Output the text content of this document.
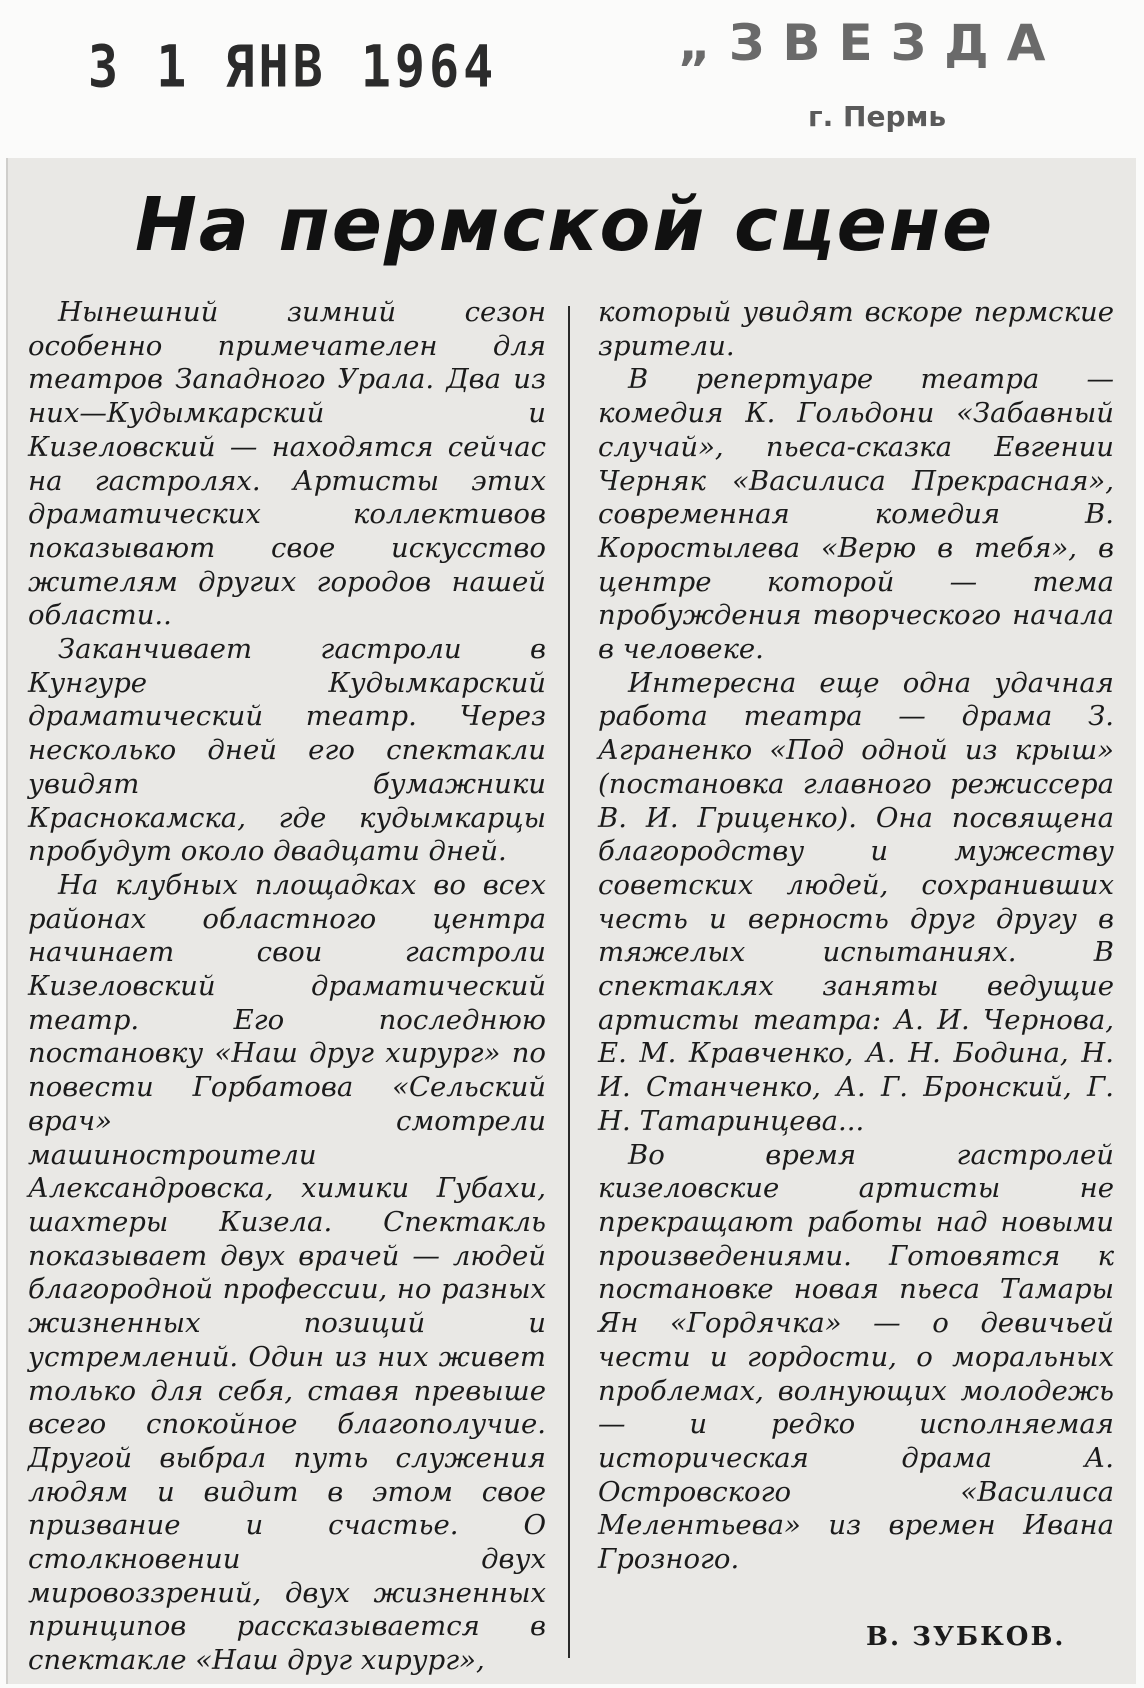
3 1 ЯНВ 1964	„ЗВЕЗДА
г. Пермь
На пермской сцене

Нынешний зимний сезон особенно примечателен для театров Западного Урала. Два из них—Кудымкарский и Кизеловский — находятся сейчас на гастролях. Артисты этих драматических коллективов показывают свое искусство жителям других городов нашей области..

Заканчивает гастроли в Кунгуре Кудымкарский драматический театр. Через несколько дней его спектакли увидят бумажники Краснокамска, где кудымкарцы пробудут около двадцати дней.

На клубных площадках во всех районах областного центра начинает свои гастроли Кизеловский драматический театр. Его последнюю постановку «Наш друг хирург» по повести Горбатова «Сельский врач» смотрели машиностроители Александровска, химики Губахи, шахтеры Кизела. Спектакль показывает двух врачей — людей благородной профессии, но разных жизненных позиций и устремлений. Один из них живет только для себя, ставя превыше всего спокойное благополучие. Другой выбрал путь служения людям и видит в этом свое призвание и счастье. О столкновении двух мировоззрений, двух жизненных принципов рассказывается в спектакле «Наш друг хирург»,

который увидят вскоре пермские зрители.

В репертуаре театра — комедия К. Гольдони «Забавный случай», пьеса-сказка Евгении Черняк «Василиса Прекрасная», современная комедия В. Коростылева «Верю в тебя», в центре которой — тема пробуждения творческого начала в человеке.

Интересна еще одна удачная работа театра — драма З. Аграненко «Под одной из крыш» (постановка главного режиссера В. И. Гриценко). Она посвящена благородству и мужеству советских людей, сохранивших честь и верность друг другу в тяжелых испытаниях. В спектаклях заняты ведущие артисты театра: А. И. Чернова, Е. М. Кравченко, А. Н. Бодина, Н. И. Станченко, А. Г. Бронский, Г. Н. Татаринцева...

Во время гастролей кизеловские артисты не прекращают работы над новыми произведениями. Готовятся к постановке новая пьеса Тамары Ян «Гордячка» — о девичьей чести и гордости, о моральных проблемах, волнующих молодежь — и редко исполняемая историческая драма А. Островского «Василиса Мелентьева» из времен Ивана Грозного.

В. ЗУБКОВ.
